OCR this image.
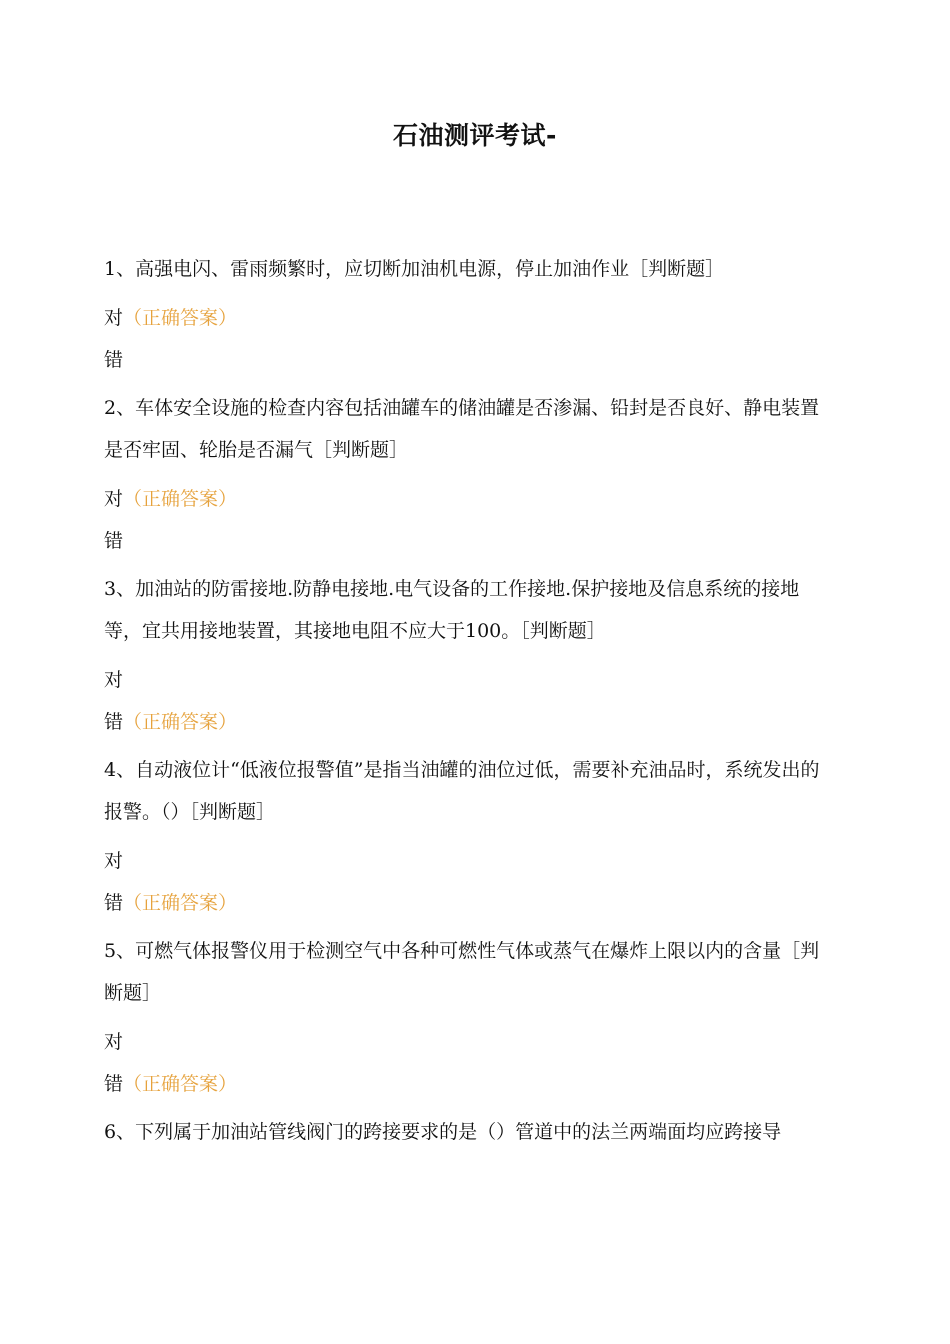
石油测评考试-
1、高强电闪、雷雨频繁时，应切断加油机电源，停止加油作业［判断题］
对（正确答案）
错
2、车体安全设施的检查内容包括油罐车的储油罐是否渗漏、铅封是否良好、静电装置是否牢固、轮胎是否漏气［判断题］
对（正确答案）
错
3、加油站的防雷接地.防静电接地.电气设备的工作接地.保护接地及信息系统的接地等，宜共用接地装置，其接地电阻不应大于100。［判断题］
对
错（正确答案）
4、自动液位计“低液位报警值”是指当油罐的油位过低，需要补充油品时，系统发出的报警。（）［判断题］
对
错（正确答案）
5、可燃气体报警仪用于检测空气中各种可燃性气体或蒸气在爆炸上限以内的含量［判断题］
对
错（正确答案）
6、下列属于加油站管线阀门的跨接要求的是（）管道中的法兰两端面均应跨接导
